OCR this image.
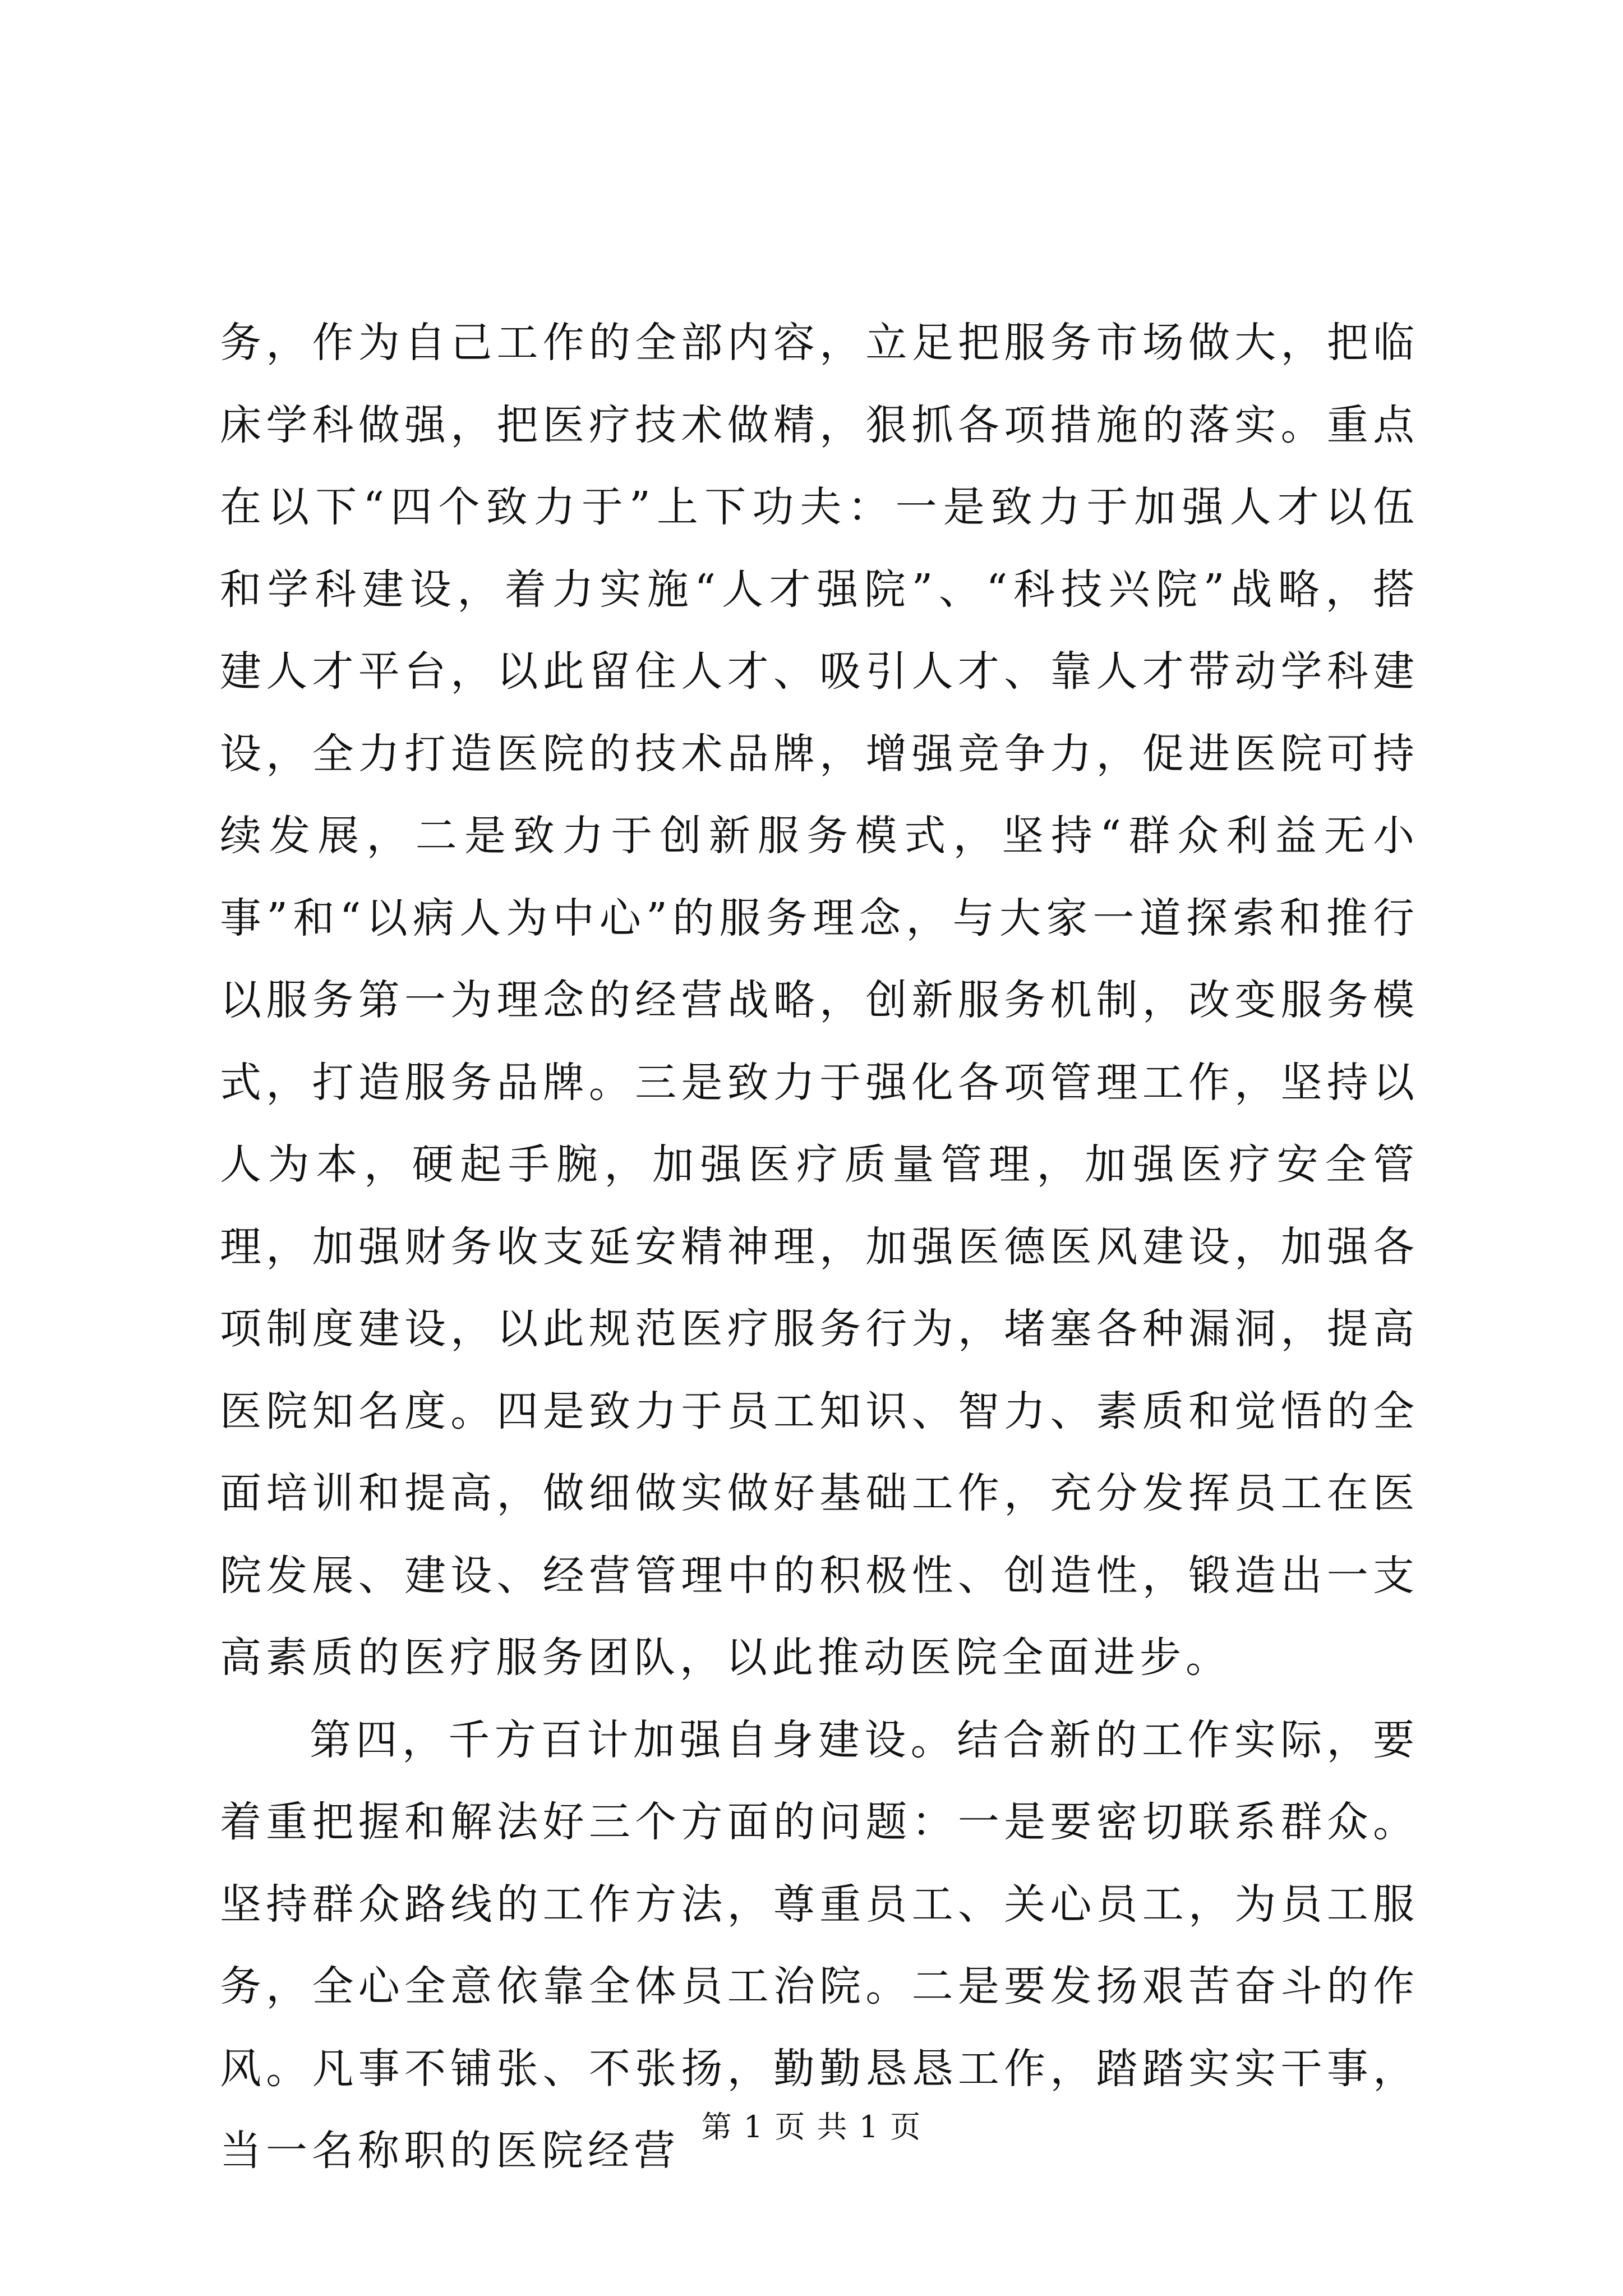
务，作为自己工作的全部内容，立足把服务市场做大，把临床学科做强，把医疗技术做精，狠抓各项措施的落实。重点在以下“四个致力于”上下功夫：一是致力于加强人才以伍和学科建设，着力实施“人才强院”、“科技兴院”战略，搭建人才平台，以此留住人才、吸引人才、靠人才带动学科建设，全力打造医院的技术品牌，增强竞争力，促进医院可持续发展，二是致力于创新服务模式，坚持“群众利益无小事”和“以病人为中心”的服务理念，与大家一道探索和推行以服务第一为理念的经营战略，创新服务机制，改变服务模式，打造服务品牌。三是致力于强化各项管理工作，坚持以人为本，硬起手腕，加强医疗质量管理，加强医疗安全管理，加强财务收支延安精神理，加强医德医风建设，加强各项制度建设，以此规范医疗服务行为，堵塞各种漏洞，提高医院知名度。四是致力于员工知识、智力、素质和觉悟的全面培训和提高，做细做实做好基础工作，充分发挥员工在医院发展、建设、经营管理中的积极性、创造性，锻造出一支高素质的医疗服务团队，以此推动医院全面进步。

第四，千方百计加强自身建设。结合新的工作实际，要着重把握和解法好三个方面的问题：一是要密切联系群众。坚持群众路线的工作方法，尊重员工、关心员工，为员工服务，全心全意依靠全体员工治院。二是要发扬艰苦奋斗的作风。凡事不铺张、不张扬，勤勤恳恳工作，踏踏实实干事，当一名称职的医院经营 第 1 页 共 1 页
